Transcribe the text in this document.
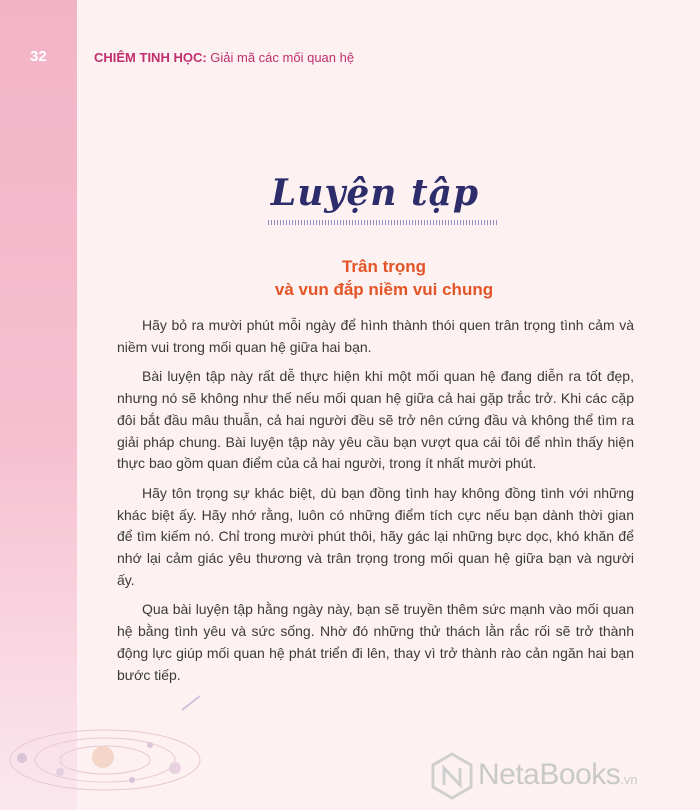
32	CHIÊM TINH HỌC: Giải mã các mối quan hệ
Luyện tập
Trân trọng
và vun đắp niềm vui chung

Hãy bỏ ra mười phút mỗi ngày để hình thành thói quen trân trọng tình cảm và niềm vui trong mối quan hệ giữa hai bạn.

Bài luyện tập này rất dễ thực hiện khi một mối quan hệ đang diễn ra tốt đẹp, nhưng nó sẽ không như thế nếu mối quan hệ giữa cả hai gặp trắc trở. Khi các cặp đôi bắt đầu mâu thuẫn, cả hai người đều sẽ trở nên cứng đầu và không thể tìm ra giải pháp chung. Bài luyện tập này yêu cầu bạn vượt qua cái tôi để nhìn thấy hiện thực bao gồm quan điểm của cả hai người, trong ít nhất mười phút.

Hãy tôn trọng sự khác biệt, dù bạn đồng tình hay không đồng tình với những khác biệt ấy. Hãy nhớ rằng, luôn có những điểm tích cực nếu bạn dành thời gian để tìm kiếm nó. Chỉ trong mười phút thôi, hãy gác lại những bực dọc, khó khăn để nhớ lại cảm giác yêu thương và trân trọng trong mối quan hệ giữa bạn và người ấy.

Qua bài luyện tập hằng ngày này, bạn sẽ truyền thêm sức mạnh vào mối quan hệ bằng tình yêu và sức sống. Nhờ đó những thử thách lằn rắc rối sẽ trở thành động lực giúp mối quan hệ phát triển đi lên, thay vì trở thành rào cản ngăn hai bạn bước tiếp.

NetaBooks.vn
